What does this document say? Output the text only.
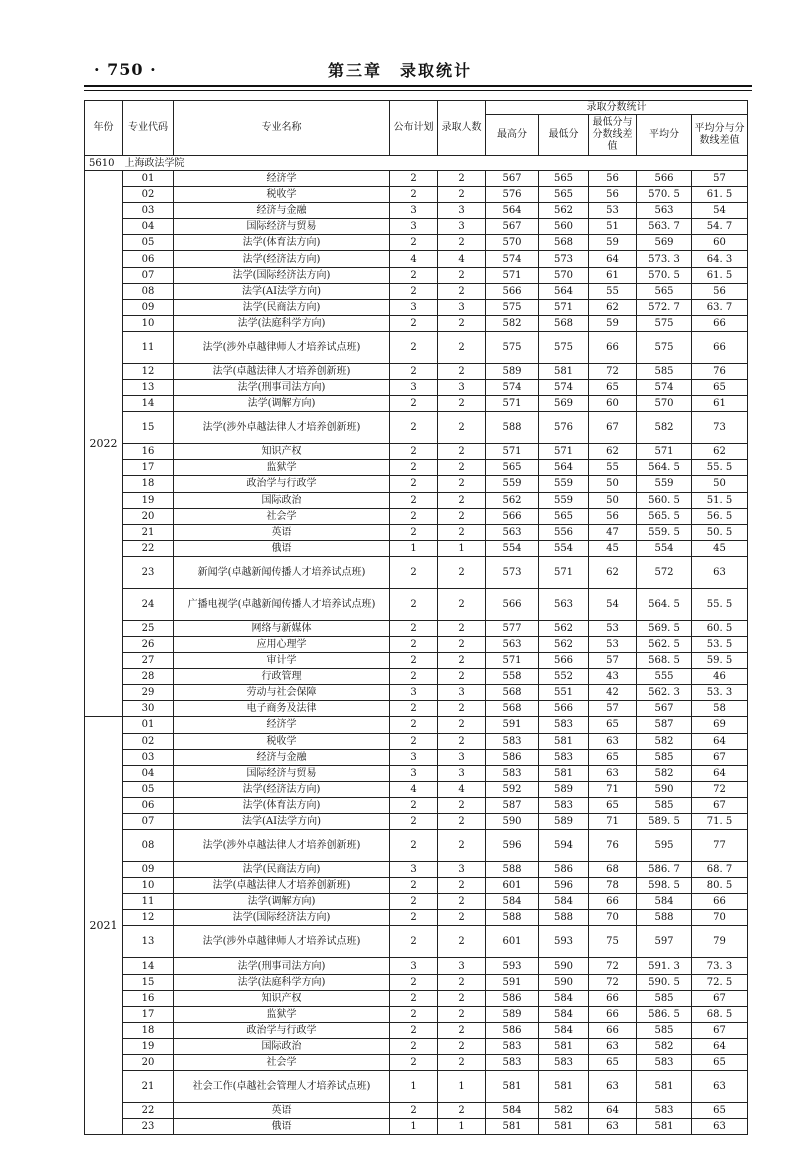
· 750 ·	第三章　录取统计
年份	专业代码	专业名称	公布计划	录取人数	录取分数统计				
					最高分	最低分	最低分与分数线差值	平均分	平均分与分数线差值
5610　 上海政法学院									
2022	01	经济学	2	2	567	565	56	566	57
	02	税收学	2	2	576	565	56	570. 5	61. 5
	03	经济与金融	3	3	564	562	53	563	54
	04	国际经济与贸易	3	3	567	560	51	563. 7	54. 7
	05	法学(体育法方向)	2	2	570	568	59	569	60
	06	法学(经济法方向)	4	4	574	573	64	573. 3	64. 3
	07	法学(国际经济法方向)	2	2	571	570	61	570. 5	61. 5
	08	法学(AI法学方向)	2	2	566	564	55	565	56
	09	法学(民商法方向)	3	3	575	571	62	572. 7	63. 7
	10	法学(法庭科学方向)	2	2	582	568	59	575	66
	11	法学(涉外卓越律师人才培养试点班)	2	2	575	575	66	575	66
	12	法学(卓越法律人才培养创新班)	2	2	589	581	72	585	76
	13	法学(刑事司法方向)	3	3	574	574	65	574	65
	14	法学(调解方向)	2	2	571	569	60	570	61
	15	法学(涉外卓越法律人才培养创新班)	2	2	588	576	67	582	73
	16	知识产权	2	2	571	571	62	571	62
	17	监狱学	2	2	565	564	55	564. 5	55. 5
	18	政治学与行政学	2	2	559	559	50	559	50
	19	国际政治	2	2	562	559	50	560. 5	51. 5
	20	社会学	2	2	566	565	56	565. 5	56. 5
	21	英语	2	2	563	556	47	559. 5	50. 5
	22	俄语	1	1	554	554	45	554	45
	23	新闻学(卓越新闻传播人才培养试点班)	2	2	573	571	62	572	63
	24	广播电视学(卓越新闻传播人才培养试点班)	2	2	566	563	54	564. 5	55. 5
	25	网络与新媒体	2	2	577	562	53	569. 5	60. 5
	26	应用心理学	2	2	563	562	53	562. 5	53. 5
	27	审计学	2	2	571	566	57	568. 5	59. 5
	28	行政管理	2	2	558	552	43	555	46
	29	劳动与社会保障	3	3	568	551	42	562. 3	53. 3
	30	电子商务及法律	2	2	568	566	57	567	58
2021	01	经济学	2	2	591	583	65	587	69
	02	税收学	2	2	583	581	63	582	64
	03	经济与金融	3	3	586	583	65	585	67
	04	国际经济与贸易	3	3	583	581	63	582	64
	05	法学(经济法方向)	4	4	592	589	71	590	72
	06	法学(体育法方向)	2	2	587	583	65	585	67
	07	法学(AI法学方向)	2	2	590	589	71	589. 5	71. 5
	08	法学(涉外卓越法律人才培养创新班)	2	2	596	594	76	595	77
	09	法学(民商法方向)	3	3	588	586	68	586. 7	68. 7
	10	法学(卓越法律人才培养创新班)	2	2	601	596	78	598. 5	80. 5
	11	法学(调解方向)	2	2	584	584	66	584	66
	12	法学(国际经济法方向)	2	2	588	588	70	588	70
	13	法学(涉外卓越律师人才培养试点班)	2	2	601	593	75	597	79
	14	法学(刑事司法方向)	3	3	593	590	72	591. 3	73. 3
	15	法学(法庭科学方向)	2	2	591	590	72	590. 5	72. 5
	16	知识产权	2	2	586	584	66	585	67
	17	监狱学	2	2	589	584	66	586. 5	68. 5
	18	政治学与行政学	2	2	586	584	66	585	67
	19	国际政治	2	2	583	581	63	582	64
	20	社会学	2	2	583	583	65	583	65
	21	社会工作(卓越社会管理人才培养试点班)	1	1	581	581	63	581	63
	22	英语	2	2	584	582	64	583	65
	23	俄语	1	1	581	581	63	581	63
